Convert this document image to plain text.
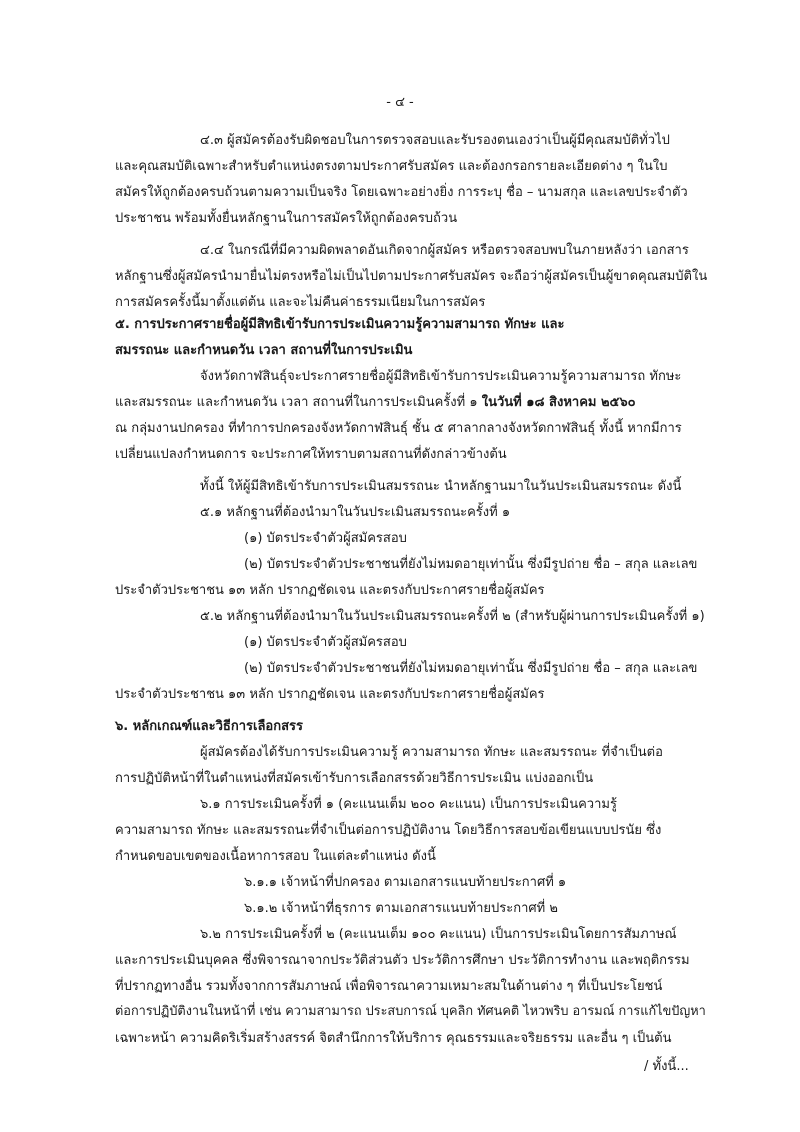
- ๔ -
๔.๓ ผู้สมัครต้องรับผิดชอบในการตรวจสอบและรับรองตนเองว่าเป็นผู้มีคุณสมบัติทั่วไป
และคุณสมบัติเฉพาะสำหรับตำแหน่งตรงตามประกาศรับสมัคร และต้องกรอกรายละเอียดต่าง ๆ ในใบ
สมัครให้ถูกต้องครบถ้วนตามความเป็นจริง โดยเฉพาะอย่างยิ่ง การระบุ ชื่อ – นามสกุล และเลขประจำตัว
ประชาชน พร้อมทั้งยื่นหลักฐานในการสมัครให้ถูกต้องครบถ้วน
๔.๔ ในกรณีที่มีความผิดพลาดอันเกิดจากผู้สมัคร หรือตรวจสอบพบในภายหลังว่า เอกสาร
หลักฐานซึ่งผู้สมัครนำมายื่นไม่ตรงหรือไม่เป็นไปตามประกาศรับสมัคร จะถือว่าผู้สมัครเป็นผู้ขาดคุณสมบัติใน
การสมัครครั้งนี้มาตั้งแต่ต้น และจะไม่คืนค่าธรรมเนียมในการสมัคร
๕. การประกาศรายชื่อผู้มีสิทธิเข้ารับการประเมินความรู้ความสามารถ ทักษะ และ
สมรรถนะ และกำหนดวัน เวลา สถานที่ในการประเมิน
จังหวัดกาฬสินธุ์จะประกาศรายชื่อผู้มีสิทธิเข้ารับการประเมินความรู้ความสามารถ ทักษะ
และสมรรถนะ และกำหนดวัน เวลา สถานที่ในการประเมินครั้งที่ ๑ ในวันที่ ๑๘ สิงหาคม ๒๕๖๐
ณ กลุ่มงานปกครอง ที่ทำการปกครองจังหวัดกาฬสินธุ์ ชั้น ๕ ศาลากลางจังหวัดกาฬสินธุ์ ทั้งนี้ หากมีการ
เปลี่ยนแปลงกำหนดการ จะประกาศให้ทราบตามสถานที่ดังกล่าวข้างต้น
ทั้งนี้ ให้ผู้มีสิทธิเข้ารับการประเมินสมรรถนะ นำหลักฐานมาในวันประเมินสมรรถนะ ดังนี้
๕.๑ หลักฐานที่ต้องนำมาในวันประเมินสมรรถนะครั้งที่ ๑
(๑) บัตรประจำตัวผู้สมัครสอบ
(๒) บัตรประจำตัวประชาชนที่ยังไม่หมดอายุเท่านั้น ซึ่งมีรูปถ่าย ชื่อ – สกุล และเลข
ประจำตัวประชาชน ๑๓ หลัก ปรากฏชัดเจน และตรงกับประกาศรายชื่อผู้สมัคร
๕.๒ หลักฐานที่ต้องนำมาในวันประเมินสมรรถนะครั้งที่ ๒ (สำหรับผู้ผ่านการประเมินครั้งที่ ๑)
(๑) บัตรประจำตัวผู้สมัครสอบ
(๒) บัตรประจำตัวประชาชนที่ยังไม่หมดอายุเท่านั้น ซึ่งมีรูปถ่าย ชื่อ – สกุล และเลข
ประจำตัวประชาชน ๑๓ หลัก ปรากฏชัดเจน และตรงกับประกาศรายชื่อผู้สมัคร
๖. หลักเกณฑ์และวิธีการเลือกสรร
ผู้สมัครต้องได้รับการประเมินความรู้ ความสามารถ ทักษะ และสมรรถนะ ที่จำเป็นต่อ
การปฏิบัติหน้าที่ในตำแหน่งที่สมัครเข้ารับการเลือกสรรด้วยวิธีการประเมิน แบ่งออกเป็น
๖.๑ การประเมินครั้งที่ ๑ (คะแนนเต็ม ๒๐๐ คะแนน) เป็นการประเมินความรู้
ความสามารถ ทักษะ และสมรรถนะที่จำเป็นต่อการปฏิบัติงาน โดยวิธีการสอบข้อเขียนแบบปรนัย ซึ่ง
กำหนดขอบเขตของเนื้อหาการสอบ ในแต่ละตำแหน่ง ดังนี้
๖.๑.๑ เจ้าหน้าที่ปกครอง ตามเอกสารแนบท้ายประกาศที่ ๑
๖.๑.๒ เจ้าหน้าที่ธุรการ ตามเอกสารแนบท้ายประกาศที่ ๒
๖.๒ การประเมินครั้งที่ ๒ (คะแนนเต็ม ๑๐๐ คะแนน) เป็นการประเมินโดยการสัมภาษณ์
และการประเมินบุคคล ซึ่งพิจารณาจากประวัติส่วนตัว ประวัติการศึกษา ประวัติการทำงาน และพฤติกรรม
ที่ปรากฏทางอื่น รวมทั้งจากการสัมภาษณ์ เพื่อพิจารณาความเหมาะสมในด้านต่าง ๆ ที่เป็นประโยชน์
ต่อการปฏิบัติงานในหน้าที่ เช่น ความสามารถ ประสบการณ์ บุคลิก ทัศนคติ ไหวพริบ อารมณ์ การแก้ไขปัญหา
เฉพาะหน้า ความคิดริเริ่มสร้างสรรค์ จิตสำนึกการให้บริการ คุณธรรมและจริยธรรม และอื่น ๆ เป็นต้น
/ ทั้งนี้...
